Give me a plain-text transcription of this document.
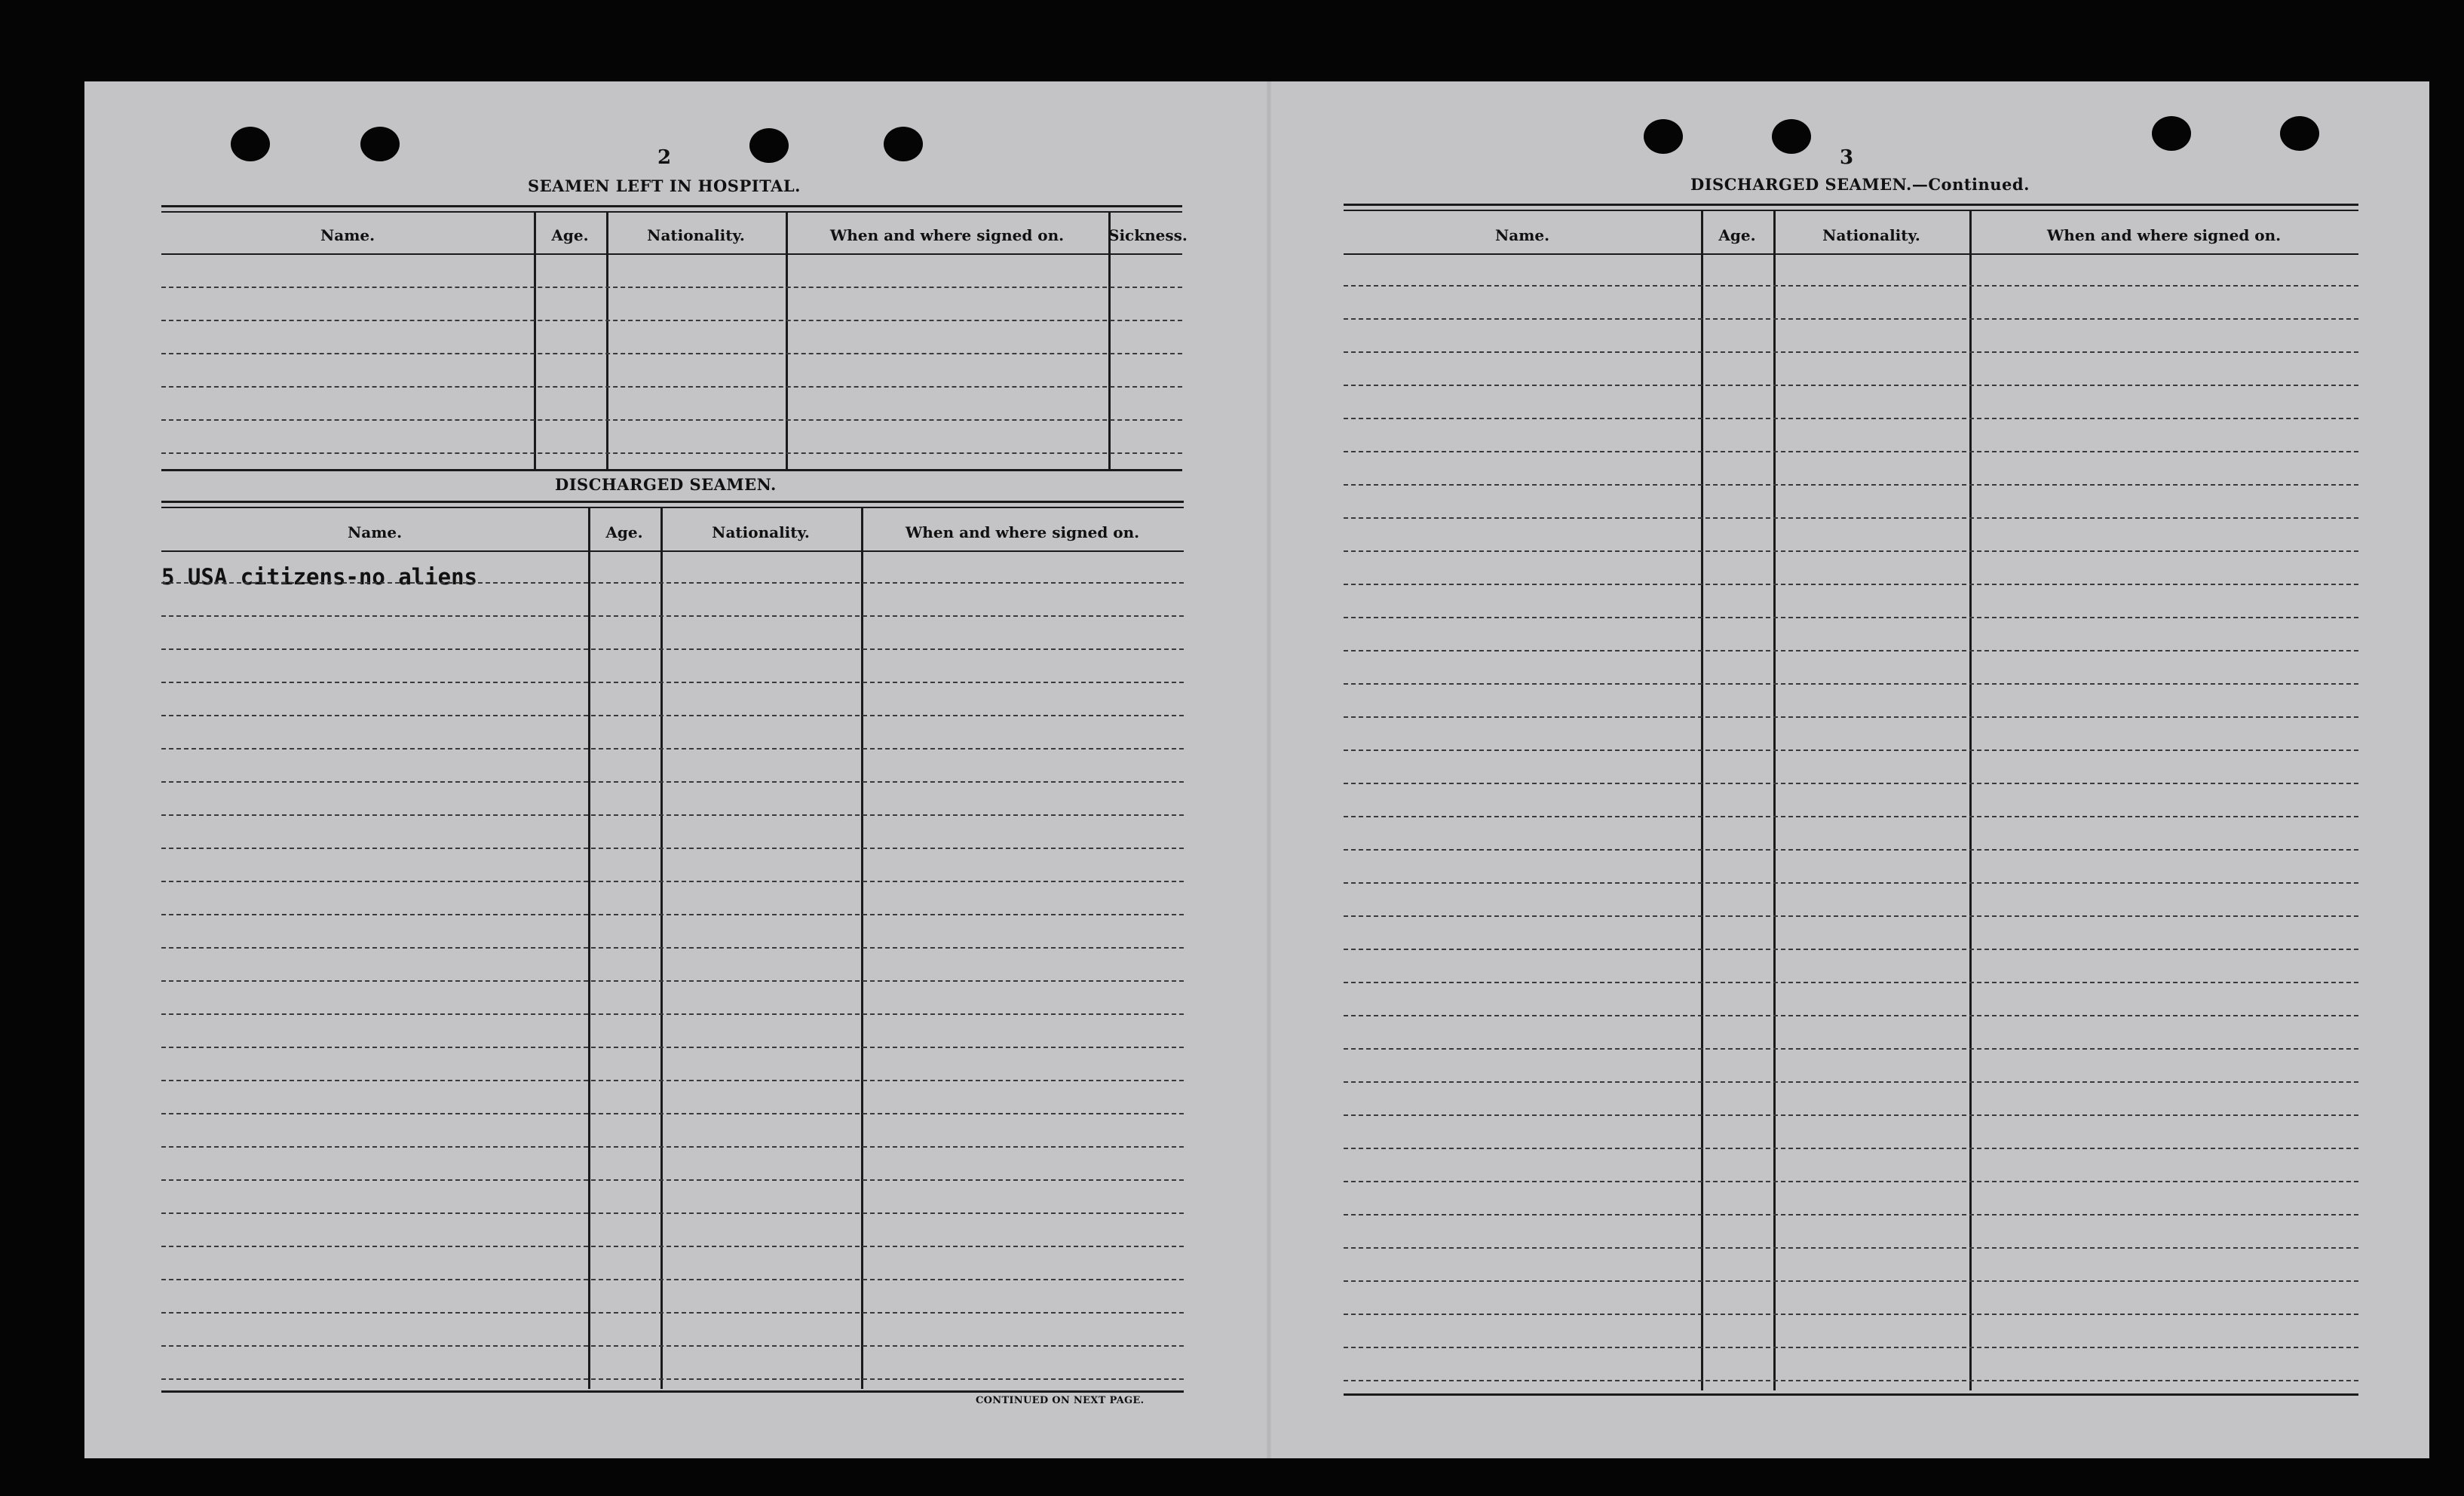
2
SEAMEN LEFT IN HOSPITAL.
Name.	Age.	Nationality.	When and where signed on.	Sickness.
DISCHARGED SEAMEN.
Name.	Age.	Nationality.	When and where signed on.
5 USA citizens-no aliens
CONTINUED ON NEXT PAGE.
3
DISCHARGED SEAMEN.—Continued.
Name.	Age.	Nationality.	When and where signed on.
